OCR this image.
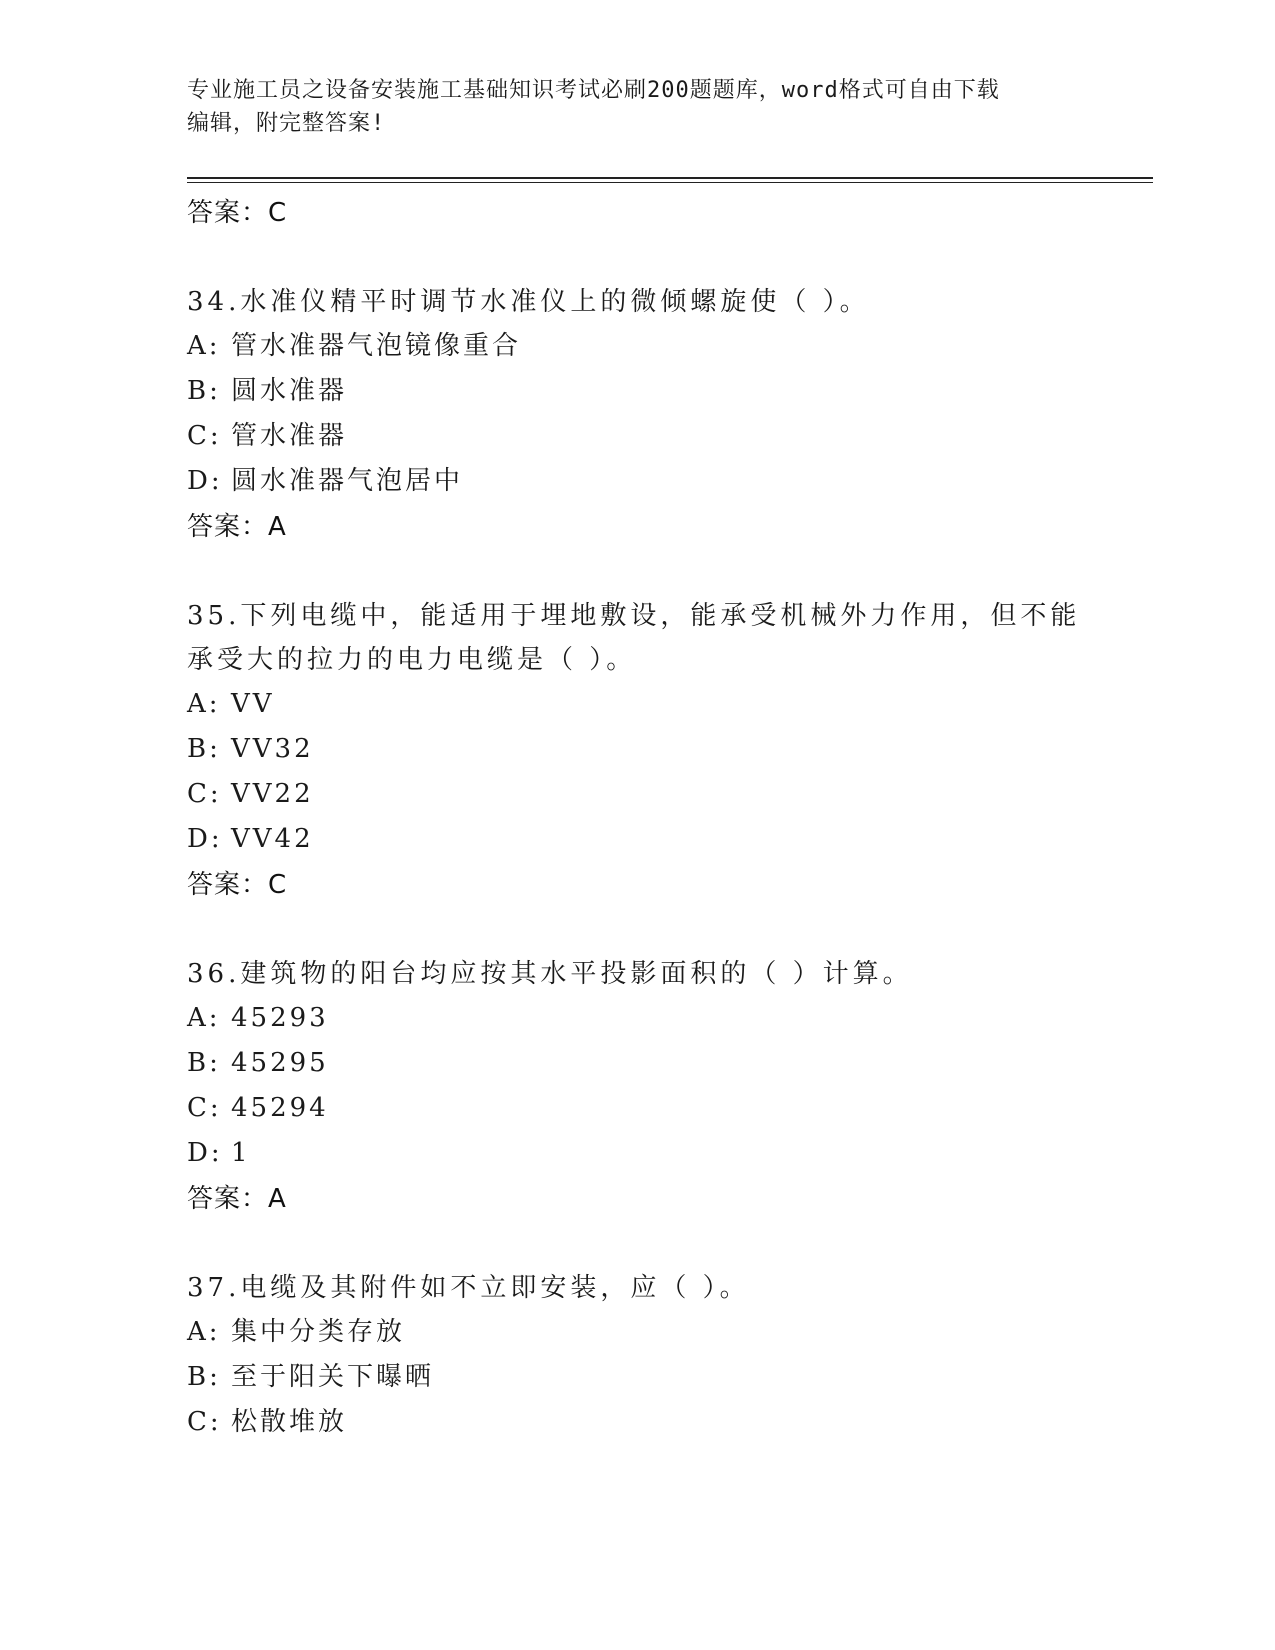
专业施工员之设备安装施工基础知识考试必刷200题题库，word格式可自由下载
编辑，附完整答案!
答案：C
34.水准仪精平时调节水准仪上的微倾螺旋使（ ）。
A: 管水准器气泡镜像重合
B: 圆水准器
C: 管水准器
D: 圆水准器气泡居中
答案：A
35.下列电缆中，能适用于埋地敷设，能承受机械外力作用，但不能承受大的拉力的电力电缆是（ ）。
A: VV
B: VV32
C: VV22
D: VV42
答案：C
36.建筑物的阳台均应按其水平投影面积的（ ）计算。
A: 45293
B: 45295
C: 45294
D: 1
答案：A
37.电缆及其附件如不立即安装，应（ ）。
A: 集中分类存放
B: 至于阳关下曝晒
C: 松散堆放
